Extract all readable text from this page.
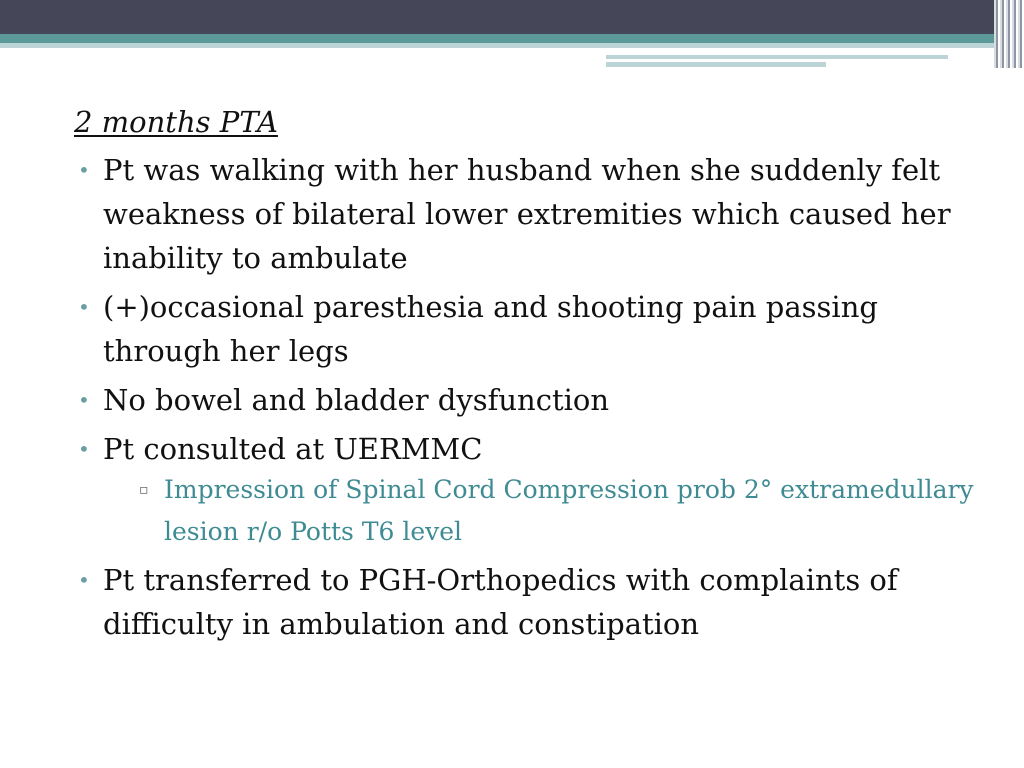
2 months PTA
• Pt was walking with her husband when she suddenly felt weakness of bilateral lower extremities which caused her inability to ambulate
• (+)occasional paresthesia and shooting pain passing through her legs
• No bowel and bladder dysfunction
• Pt consulted at UERMMC
▫ Impression of Spinal Cord Compression prob 2° extramedullary lesion r/o Potts T6 level
• Pt transferred to PGH-Orthopedics with complaints of difficulty in ambulation and constipation
